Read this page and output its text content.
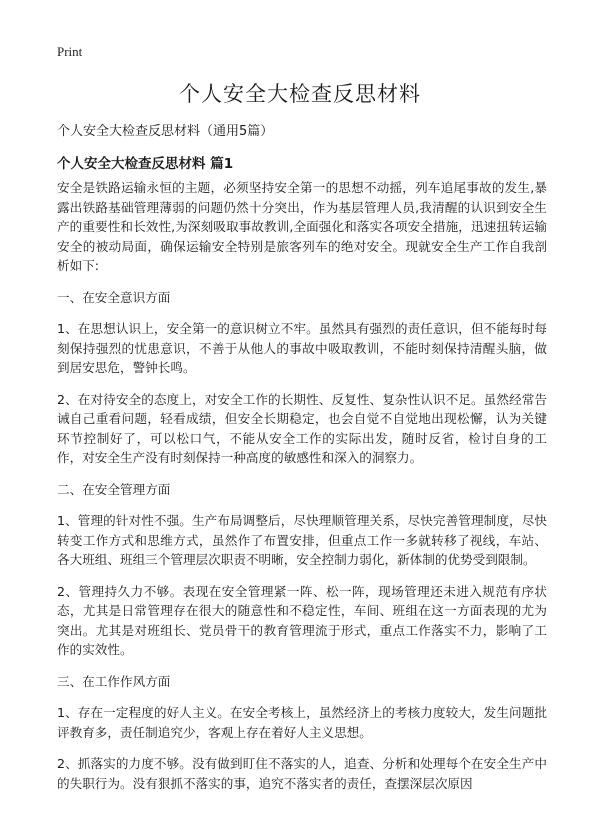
Print
个人安全大检查反思材料

个人安全大检查反思材料（通用5篇）

个人安全大检查反思材料 篇1

安全是铁路运输永恒的主题，必须坚持安全第一的思想不动摇，列车追尾事故的发生,暴露出铁路基础管理薄弱的问题仍然十分突出，作为基层管理人员,我清醒的认识到安全生产的重要性和长效性,为深刻吸取事故教训,全面强化和落实各项安全措施，迅速扭转运输安全的被动局面，确保运输安全特别是旅客列车的绝对安全。现就安全生产工作自我剖析如下:

一、在安全意识方面

1、在思想认识上，安全第一的意识树立不牢。虽然具有强烈的责任意识，但不能每时每刻保持强烈的忧患意识，不善于从他人的事故中吸取教训，不能时刻保持清醒头脑，做到居安思危，警钟长鸣。

2、在对待安全的态度上，对安全工作的长期性、反复性、复杂性认识不足。虽然经常告诫自己重看问题，轻看成绩，但安全长期稳定，也会自觉不自觉地出现松懈，认为关键环节控制好了，可以松口气，不能从安全工作的实际出发，随时反省，检讨自身的工作，对安全生产没有时刻保持一种高度的敏感性和深入的洞察力。

二、在安全管理方面

1、管理的针对性不强。生产布局调整后，尽快理顺管理关系，尽快完善管理制度，尽快转变工作方式和思维方式，虽然作了布置安排，但重点工作一多就转移了视线，车站、各大班组、班组三个管理层次职责不明晰，安全控制力弱化，新体制的优势受到限制。

2、管理持久力不够。表现在安全管理紧一阵、松一阵，现场管理还未进入规范有序状态，尤其是日常管理存在很大的随意性和不稳定性，车间、班组在这一方面表现的尤为突出。尤其是对班组长、党员骨干的教育管理流于形式，重点工作落实不力，影响了工作的实效性。

三、在工作作风方面

1、存在一定程度的好人主义。在安全考核上，虽然经济上的考核力度较大，发生问题批评教育多，责任制追究少，客观上存在着好人主义思想。

2、抓落实的力度不够。没有做到盯住不落实的人，追查、分析和处理每个在安全生产中的失职行为。没有狠抓不落实的事，追究不落实者的责任，查摆深层次原因
